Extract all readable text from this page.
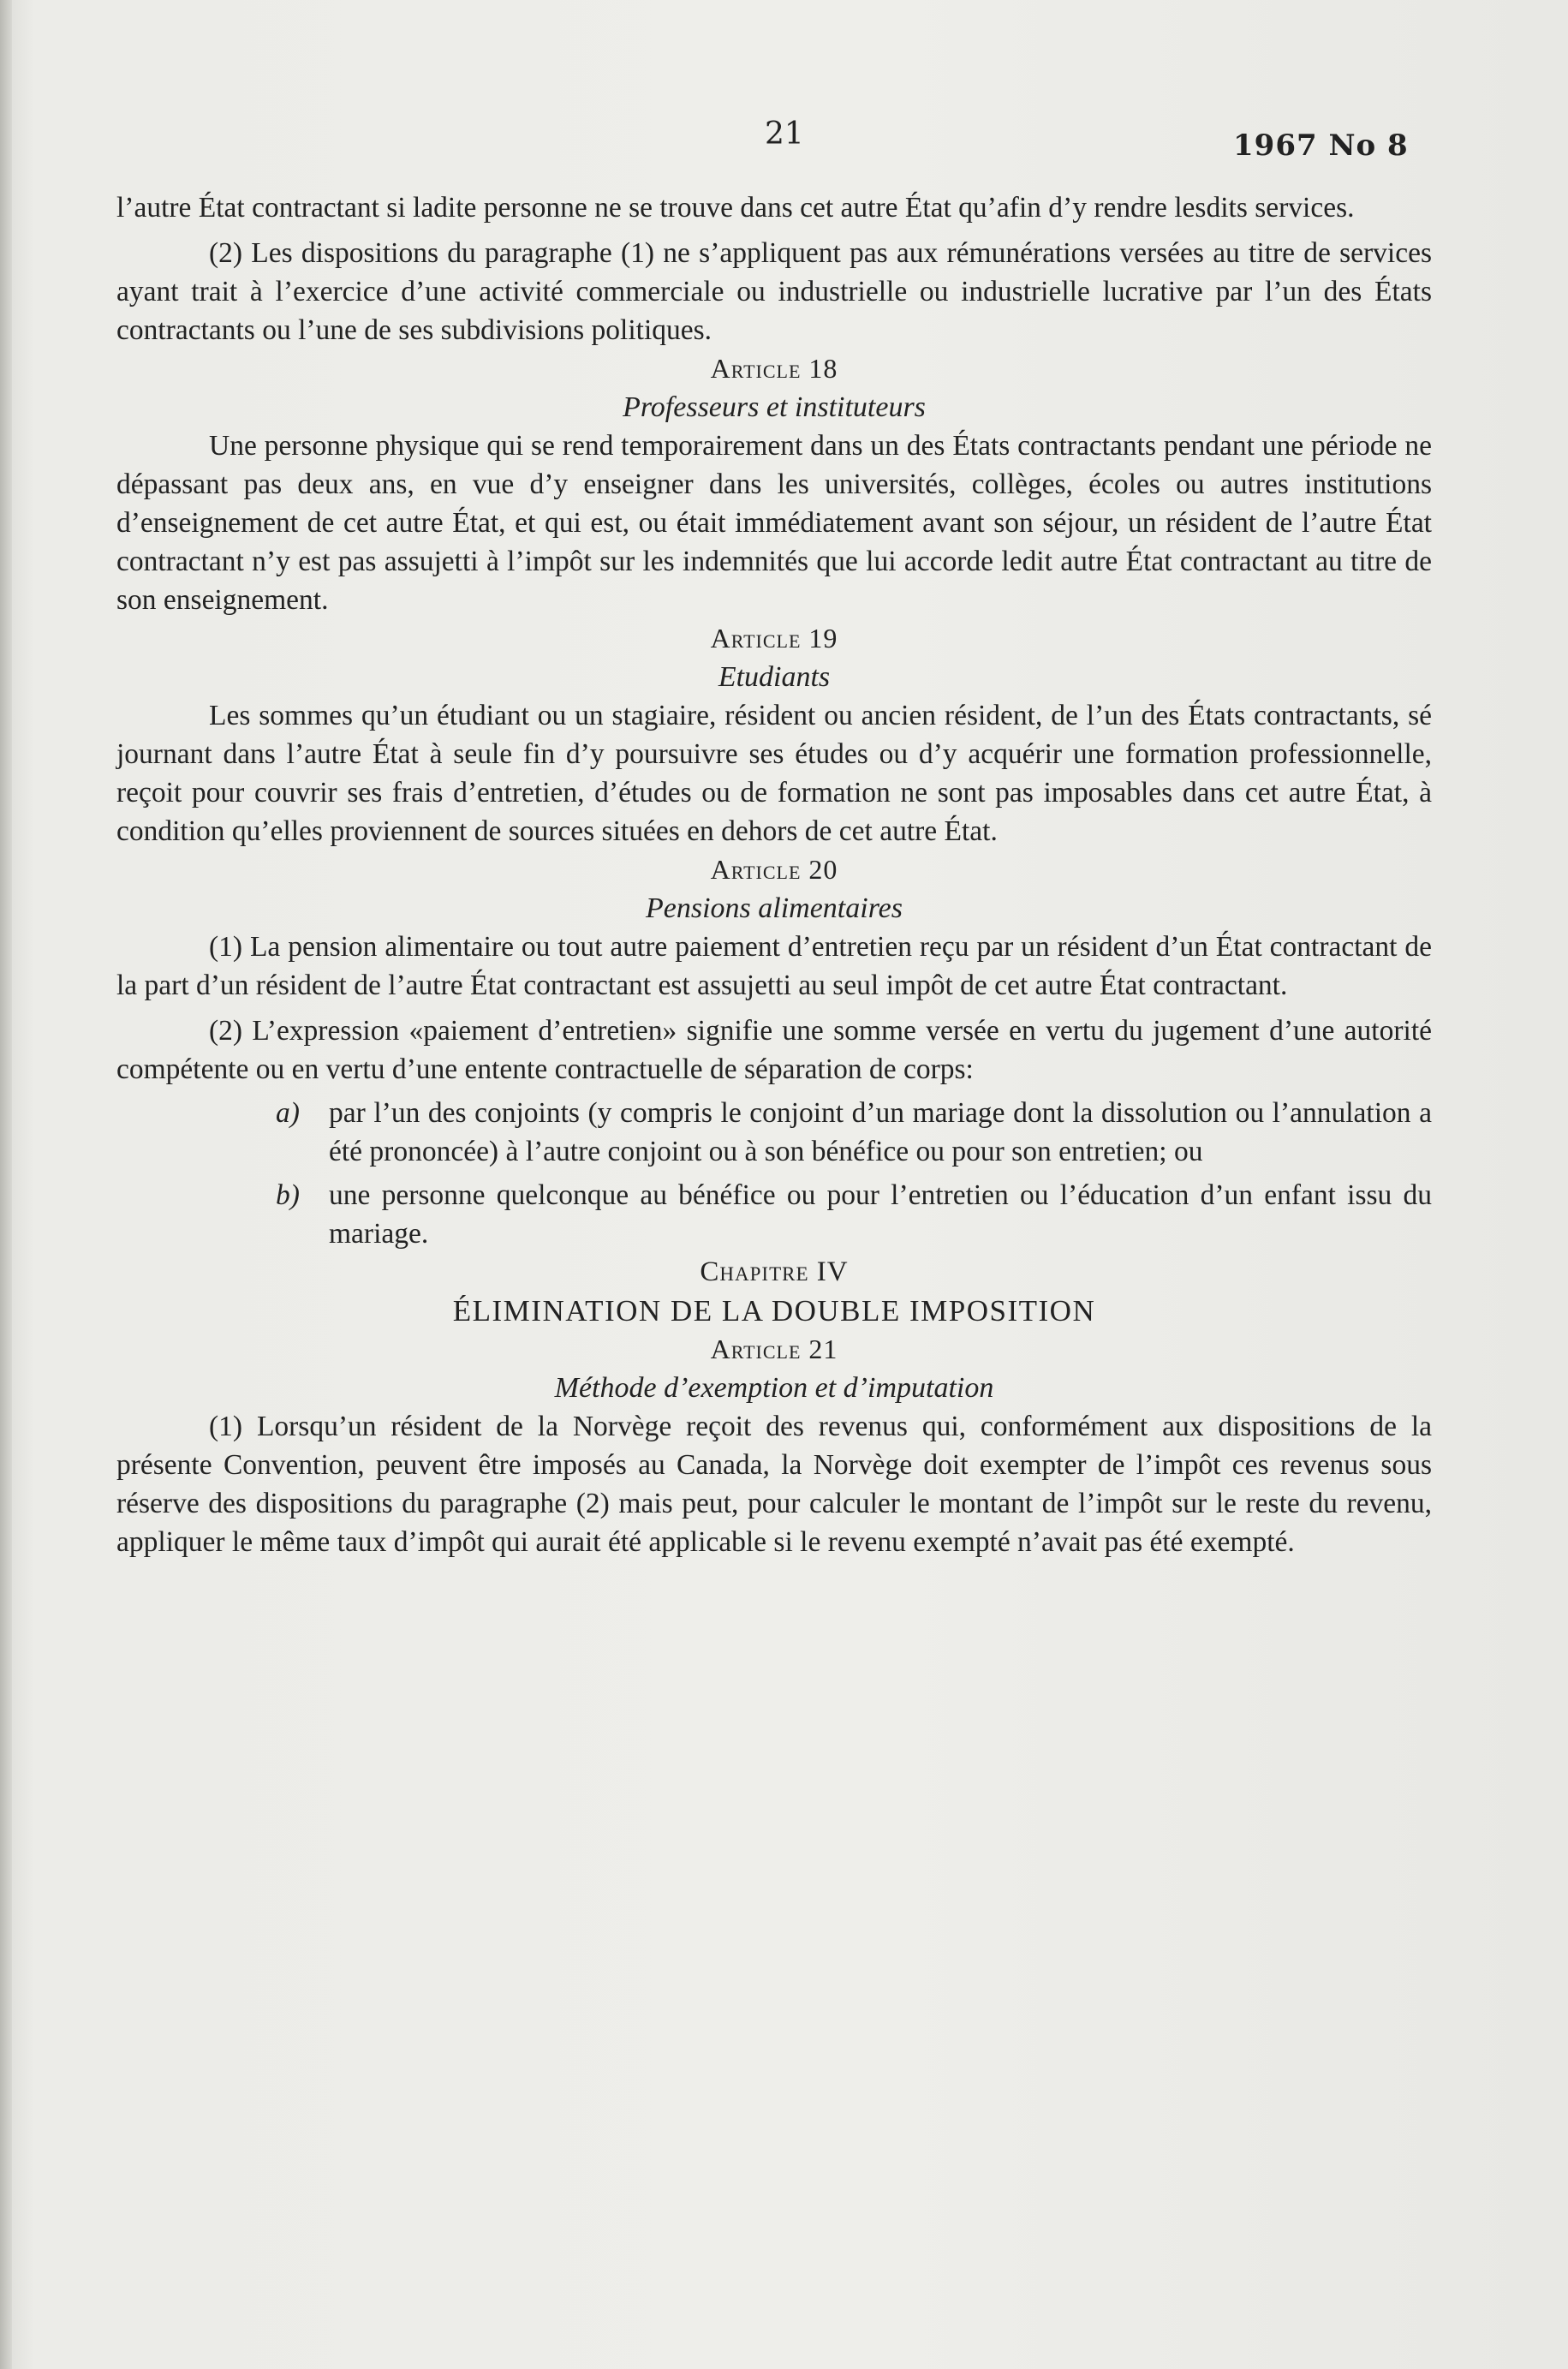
21	1967 No 8

l’autre État contractant si ladite personne ne se trouve dans cet autre État qu’afin d’y rendre lesdits services.

(2) Les dispositions du paragraphe (1) ne s’appliquent pas aux rémunérations versées au titre de services ayant trait à l’exercice d’une activité commerciale ou industrielle ou industrielle lucrative par l’un des États contractants ou l’une de ses subdivisions politiques.

Article 18

Professeurs et instituteurs

Une personne physique qui se rend temporairement dans un des États contractants pendant une période ne dépassant pas deux ans, en vue d’y enseigner dans les universités, collèges, écoles ou autres institutions d’enseignement de cet autre État, et qui est, ou était immédiatement avant son séjour, un résident de l’autre État contractant n’y est pas assujetti à l’impôt sur les indemnités que lui accorde ledit autre État contractant au titre de son enseignement.

Article 19

Etudiants

Les sommes qu’un étudiant ou un stagiaire, résident ou ancien résident, de l’un des États contractants, sé journant dans l’autre État à seule fin d’y poursuivre ses études ou d’y acquérir une formation professionnelle, reçoit pour couvrir ses frais d’entretien, d’études ou de formation ne sont pas imposables dans cet autre État, à condition qu’elles proviennent de sources situées en dehors de cet autre État.

Article 20

Pensions alimentaires

(1) La pension alimentaire ou tout autre paiement d’entretien reçu par un résident d’un État contractant de la part d’un résident de l’autre État contractant est assujetti au seul impôt de cet autre État contractant.

(2) L’expression «paiement d’entretien» signifie une somme versée en vertu du jugement d’une autorité compétente ou en vertu d’une entente contractuelle de séparation de corps:

a) par l’un des conjoints (y compris le conjoint d’un mariage dont la dissolution ou l’annulation a été prononcée) à l’autre conjoint ou à son bénéfice ou pour son entretien; ou

b) une personne quelconque au bénéfice ou pour l’entretien ou l’éducation d’un enfant issu du mariage.

Chapitre IV

ÉLIMINATION DE LA DOUBLE IMPOSITION

Article 21

Méthode d’exemption et d’imputation

(1) Lorsqu’un résident de la Norvège reçoit des revenus qui, conformément aux dispositions de la présente Convention, peuvent être imposés au Canada, la Norvège doit exempter de l’impôt ces revenus sous réserve des dispositions du paragraphe (2) mais peut, pour calculer le montant de l’impôt sur le reste du revenu, appliquer le même taux d’impôt qui aurait été applicable si le revenu exempté n’avait pas été exempté.
